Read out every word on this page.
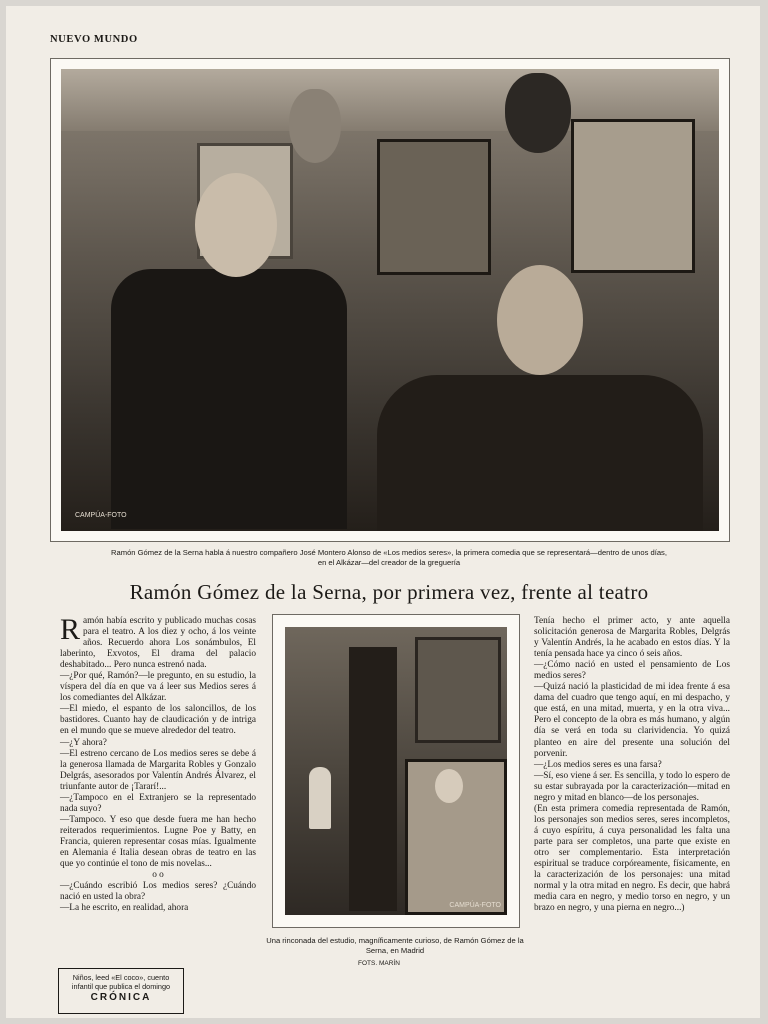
NUEVO MUNDO
CAMPÚA-FOTO
Ramón Gómez de la Serna habla á nuestro compañero José Montero Alonso de «Los medios seres», la primera comedia que se representará—dentro de unos días,
en el Alkázar—del creador de la greguería
Ramón Gómez de la Serna, por primera vez, frente al teatro

Ramón había escrito y publicado muchas cosas para el teatro. A los diez y ocho, á los veinte años. Recuerdo ahora Los sonámbulos, El laberinto, Exvotos, El drama del palacio deshabitado... Pero nunca estrenó nada.

—¿Por qué, Ramón?—le pregunto, en su estudio, la víspera del día en que va á leer sus Medios seres á los comediantes del Alkázar.

—El miedo, el espanto de los saloncillos, de los bastidores. Cuanto hay de claudicación y de intriga en el mundo que se mueve alrededor del teatro.

—¿Y ahora?

—El estreno cercano de Los medios seres se debe á la generosa llamada de Margarita Robles y Gonzalo Delgrás, asesorados por Valentín Andrés Álvarez, el triunfante autor de ¡Tararí!...

—¿Tampoco en el Extranjero se la representado nada suyo?

—Tampoco. Y eso que desde fuera me han hecho reiterados requerimientos. Lugne Poe y Batty, en Francia, quieren representar cosas mías. Igualmente en Alemania é Italia desean obras de teatro en las que yo continúe el tono de mis novelas...

o o

—¿Cuándo escribió Los medios seres? ¿Cuándo nació en usted la obra?

—La he escrito, en realidad, ahora	CAMPÚA-FOTO
Una rinconada del estudio, magníficamente curioso, de Ramón Gómez de la Serna, en Madrid
FOTS. MARÍN

Tenía hecho el primer acto, y ante aquella solicitación generosa de Margarita Robles, Delgrás y Valentín Andrés, la he acabado en estos días. Y la tenía pensada hace ya cinco ó seis años.

—¿Cómo nació en usted el pensamiento de Los medios seres?

—Quizá nació la plasticidad de mi idea frente á esa dama del cuadro que tengo aquí, en mi despacho, y que está, en una mitad, muerta, y en la otra viva... Pero el concepto de la obra es más humano, y algún día se verá en toda su clarividencia. Yo quizá planteo en aire del presente una solución del porvenir.

—¿Los medios seres es una farsa?

—Sí, eso viene á ser. Es sencilla, y todo lo espero de su estar subrayada por la caracterización—mitad en negro y mitad en blanco—de los personajes.

(En esta primera comedia representada de Ramón, los personajes son medios seres, seres incompletos, á cuyo espíritu, á cuya personalidad les falta una parte para ser completos, una parte que existe en otro ser complementario. Esta interpretación espiritual se traduce corpóreamente, físicamente, en la caracterización de los personajes: una mitad normal y la otra mitad en negro. Es decir, que habrá media cara en negro, y medio torso en negro, y un brazo en negro, y una pierna en negro...)

Niños, leed «El coco», cuento
infantil que publica el domingo
CRÓNICA
